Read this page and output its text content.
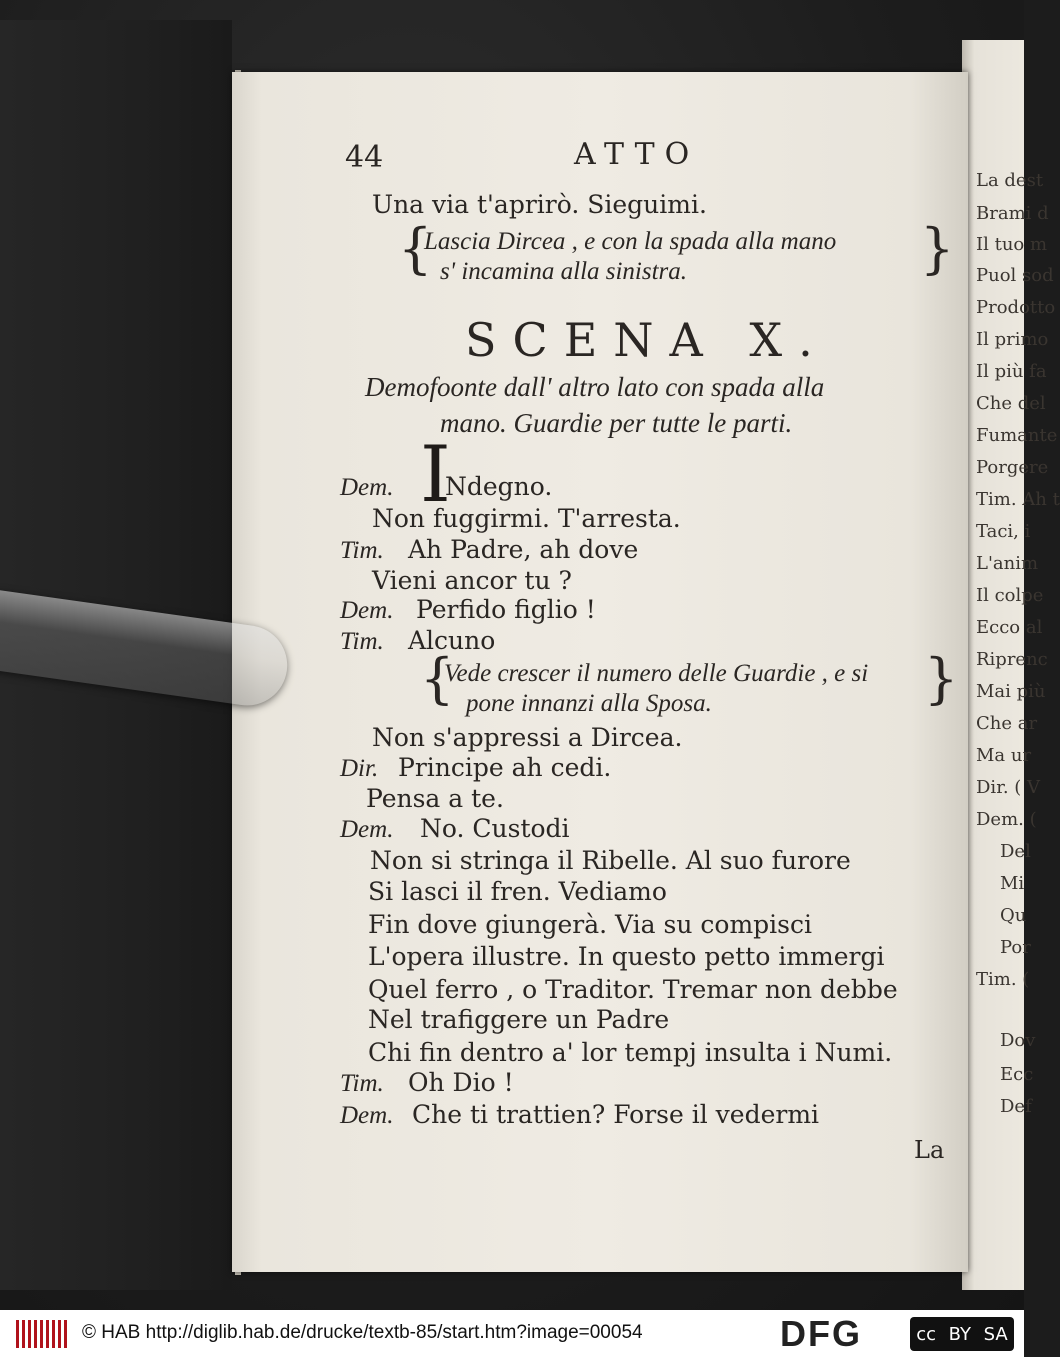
44	ATTO
Una via t'aprirò. Sieguimi.
{
Lascia Dircea , e con la spada alla mano
s' incamina alla sinistra.	}
SCENA X.
Demofoonte dall' altro lato con spada alla
mano. Guardie per tutte le parti.
I
Dem. Ndegno.
Non fuggirmi. T'arresta.
Tim. Ah Padre, ah dove
Vieni ancor tu ?
Dem. Perfido figlio !
Tim. Alcuno
{
Vede crescer il numero delle Guardie , e si
pone innanzi alla Sposa.	}
Non s'appressi a Dircea.
Dir. Principe ah cedi.
Pensa a te.
Dem. No. Custodi
Non si stringa il Ribelle. Al suo furore
Si lasci il fren. Vediamo
Fin dove giungerà. Via su compisci
L'opera illustre. In questo petto immergi
Quel ferro , o Traditor. Tremar non debbe
Nel trafiggere un Padre
Chi fin dentro a' lor tempj insulta i Numi.
Tim. Oh Dio !
Dem. Che ti trattien? Forse il vedermi
La
La dest
Brami d
Il tuo m
Puol sod
Prodotto
Il primo
Il più fa
Che del
Fumante
Porgere
Tim. Ah t
Taci, i
L'anim
Il colpe
Ecco al
Riprenc
Mai più
Che ar
Ma ur
Dir. ( V
Dem. (
Del
Mi
Qu
Por
Tim. (
Dov
Ecc
Def
© HAB http://diglib.hab.de/drucke/textb-85/start.htm?image=00054	DFG	cc BY SA
